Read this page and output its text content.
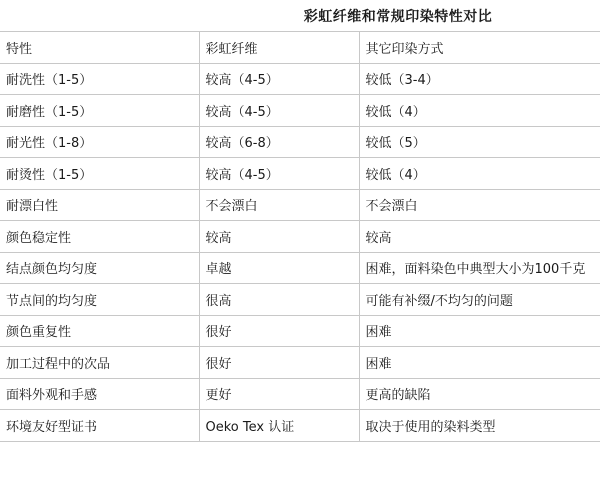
彩虹纤维和常规印染特性对比
特性	彩虹纤维	其它印染方式
耐洗性（1-5）	较高（4-5）	较低（3-4）
耐磨性（1-5）	较高（4-5）	较低（4）
耐光性（1-8）	较高（6-8）	较低（5）
耐烫性（1-5）	较高（4-5）	较低（4）
耐漂白性	不会漂白	不会漂白
颜色稳定性	较高	较高
结点颜色均匀度	卓越	困难，面料染色中典型大小为100千克
节点间的均匀度	很高	可能有补缀/不均匀的问题
颜色重复性	很好	困难
加工过程中的次品	很好	困难
面料外观和手感	更好	更高的缺陷
环境友好型证书	Oeko Tex 认证	取决于使用的染料类型
